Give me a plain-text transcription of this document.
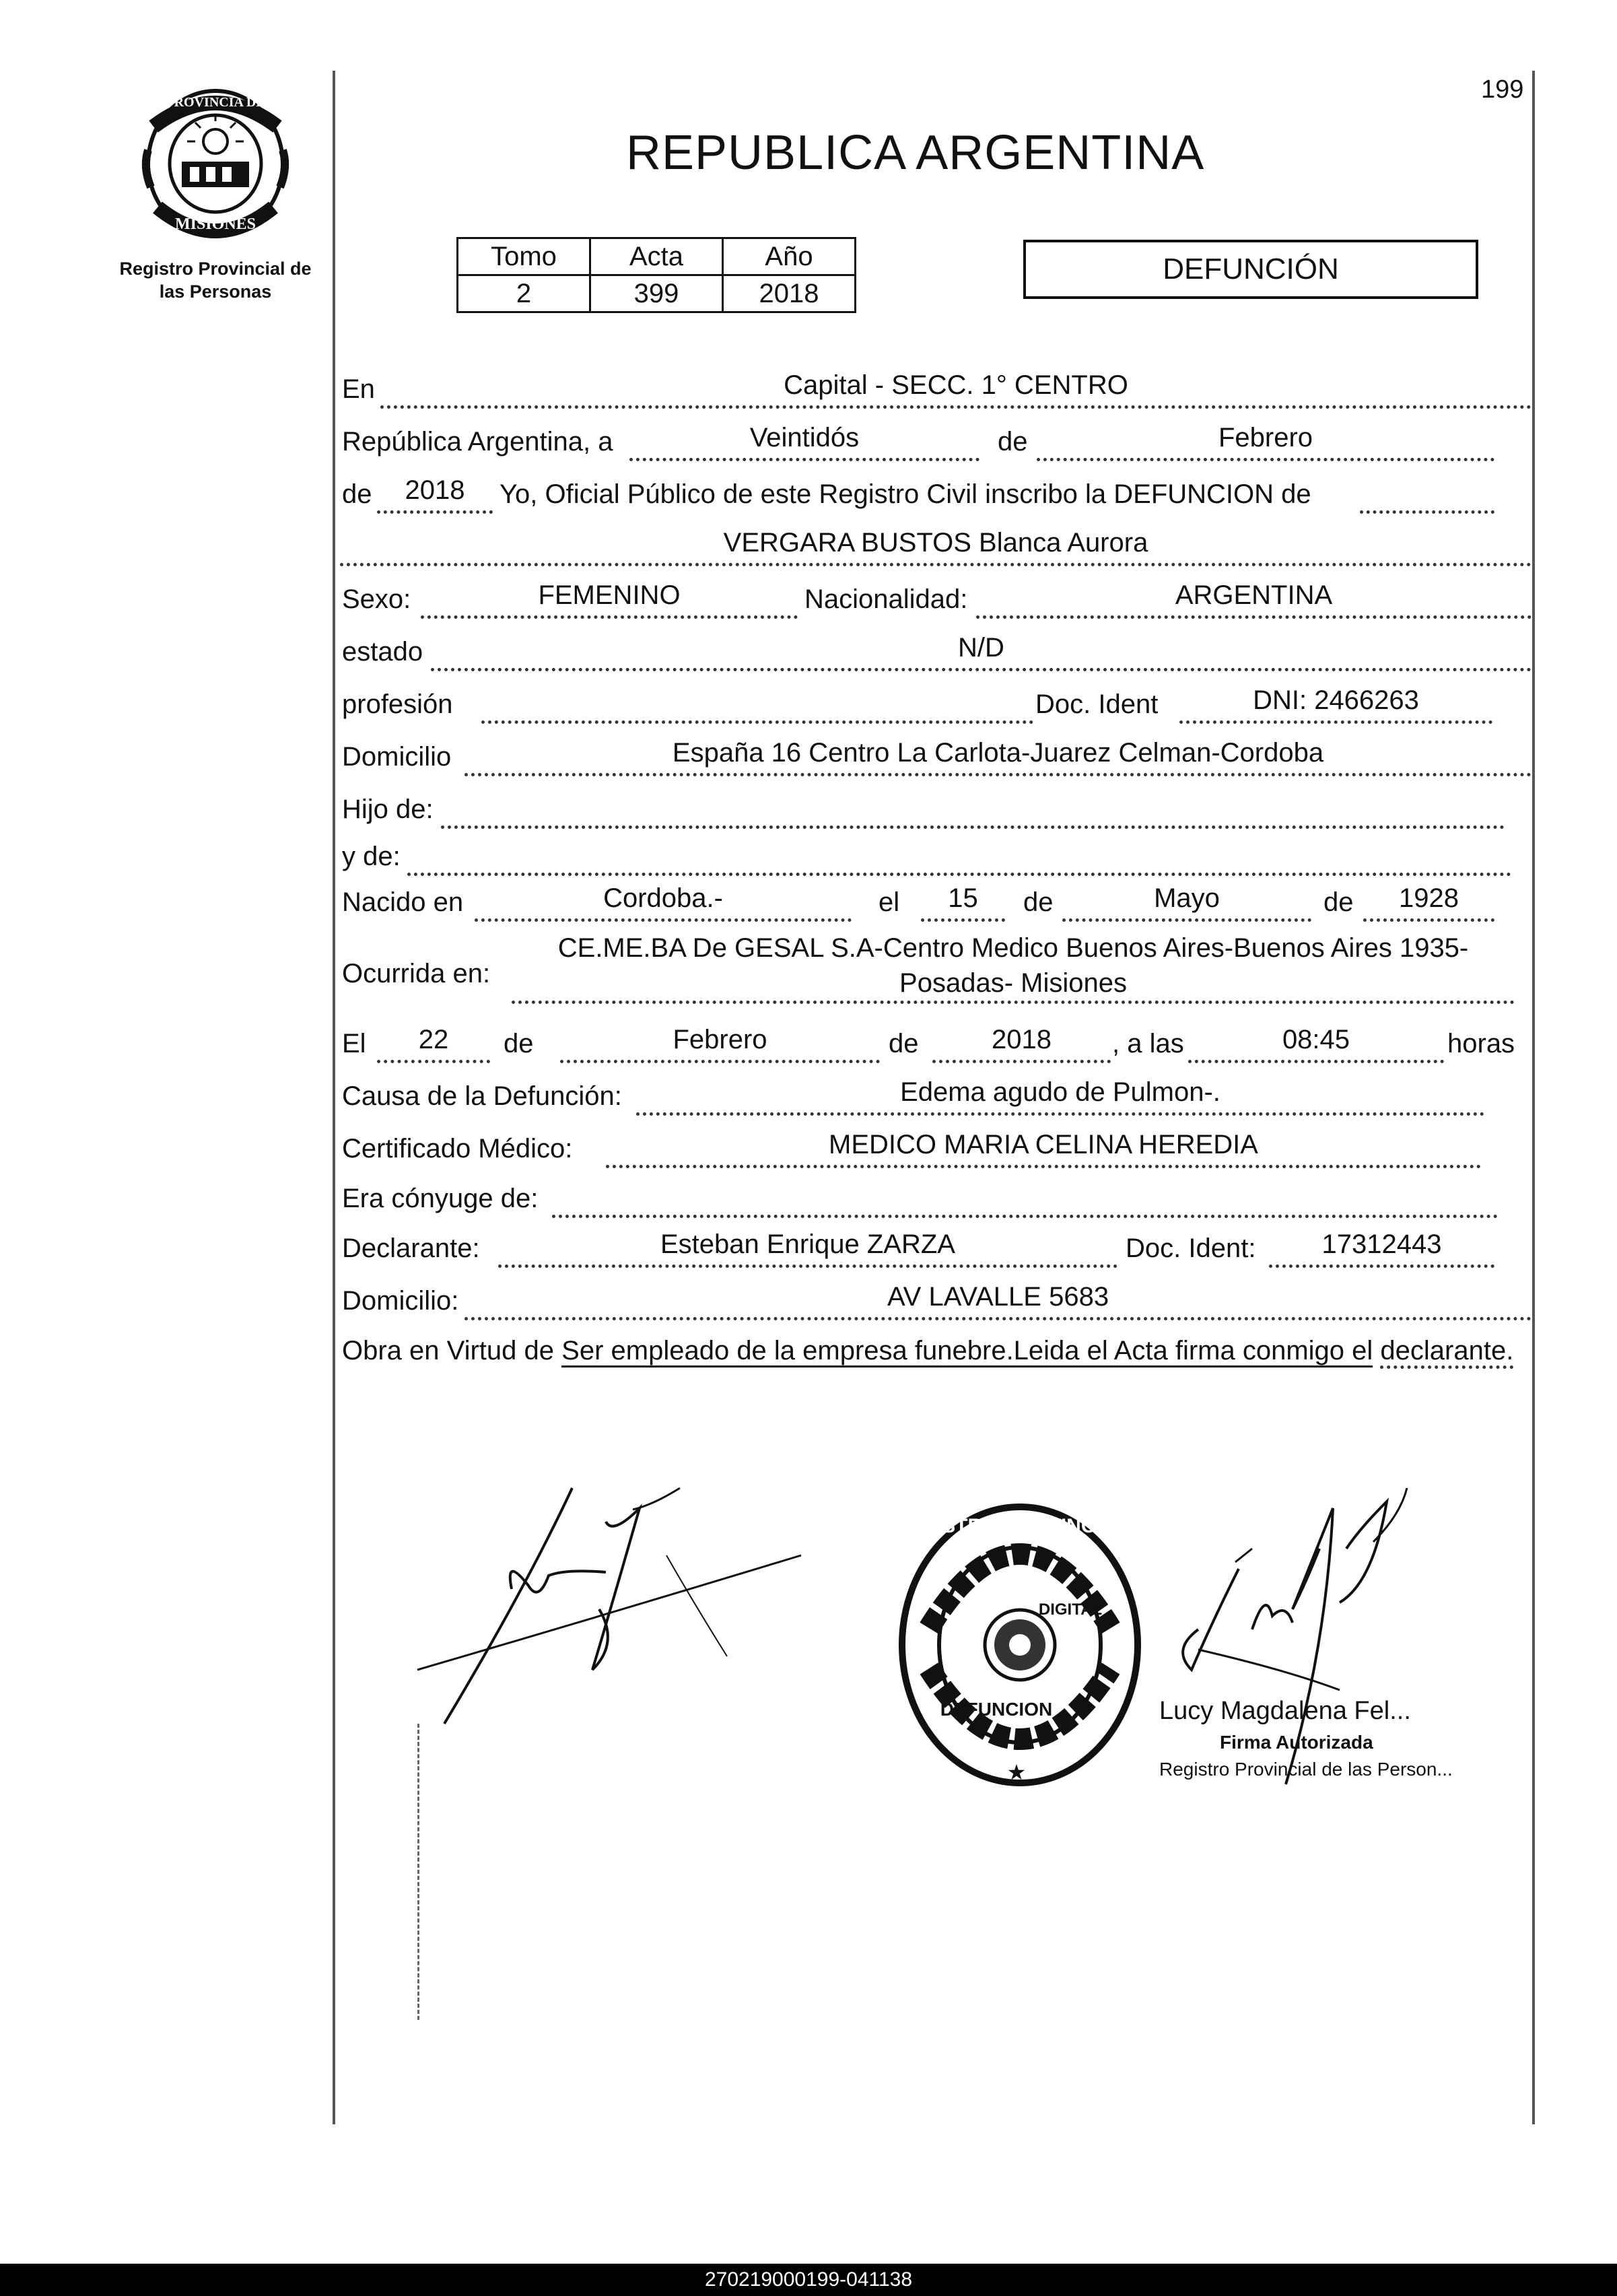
199
PROVINCIA DE
MISIONES
Registro Provincial de las Personas
REPUBLICA ARGENTINA
Tomo	Acta	Año
2	399	2018
DEFUNCIÓN
En	Capital - SECC. 1° CENTRO
República Argentina, a	Veintidós	de	Febrero
de	2018	Yo, Oficial Público de este Registro Civil inscribo la DEFUNCION de
VERGARA BUSTOS Blanca Aurora
Sexo:	FEMENINO	Nacionalidad:	ARGENTINA
estado	N/D
profesión	Doc. Ident	DNI: 2466263
Domicilio	España 16 Centro La Carlota-Juarez Celman-Cordoba
Hijo de:
y de:
Nacido en	Cordoba.-	el	15	de	Mayo	de	1928
Ocurrida en:
CE.ME.BA De GESAL S.A-Centro Medico Buenos Aires-Buenos Aires 1935-
Posadas- Misiones
El	22	de	Febrero	de	2018	, a las	08:45	horas
Causa de la Defunción:	Edema agudo de Pulmon-.
Certificado Médico:	MEDICO MARIA CELINA HEREDIA
Era cónyuge de:
Declarante:	Esteban Enrique ZARZA	Doc. Ident:	17312443
Domicilio:	AV LAVALLE 5683
Obra en Virtud de Ser empleado de la empresa funebre.Leida el Acta firma conmigo el declarante.
DELEGACION DEL REGISTRO PROVINCIAL DE LAS PERSONAS
DEFUNCION
DIGITAL
★
Lucy Magdalena Fel...
Firma Autorizada
Registro Provincial de las Person...
270219000199-041138
